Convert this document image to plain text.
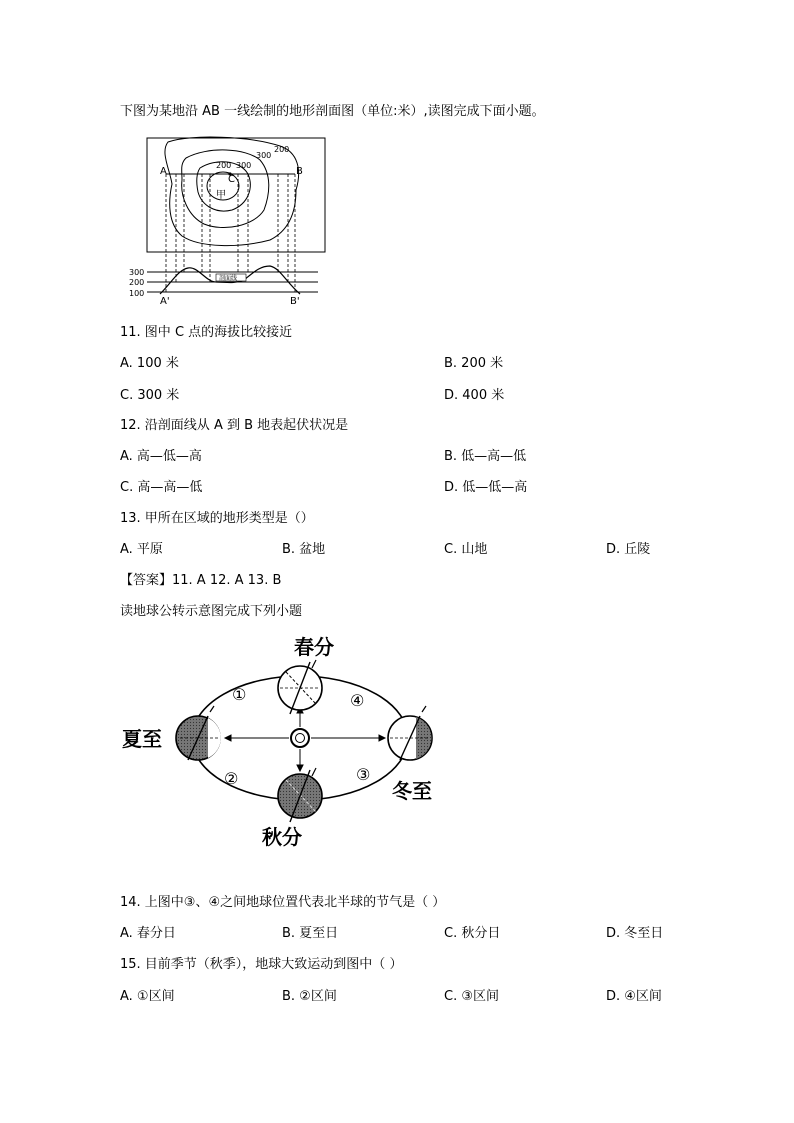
下图为某地沿 AB 一线绘制的地形剖面图（单位:米）,读图完成下面小题。
A	B
C
甲
200 300
300
200
300
200
100
剖面线
A'	B'
11. 图中 C 点的海拔比较接近
A. 100 米	B. 200 米
C. 300 米	D. 400 米
12. 沿剖面线从 A 到 B 地表起伏状况是
A. 高—低—高	B. 低—高—低
C. 高—高—低	D. 低—低—高
13. 甲所在区域的地形类型是（）
A. 平原	B. 盆地	C. 山地	D. 丘陵
【答案】11. A 12. A 13. B
读地球公转示意图完成下列小题
春分
夏至
冬至
秋分
①
②	③
④
14. 上图中③、④之间地球位置代表北半球的节气是（ ）
A. 春分日	B. 夏至日	C. 秋分日	D. 冬至日
15. 目前季节（秋季），地球大致运动到图中（ ）
A. ①区间	B. ②区间	C. ③区间	D. ④区间
